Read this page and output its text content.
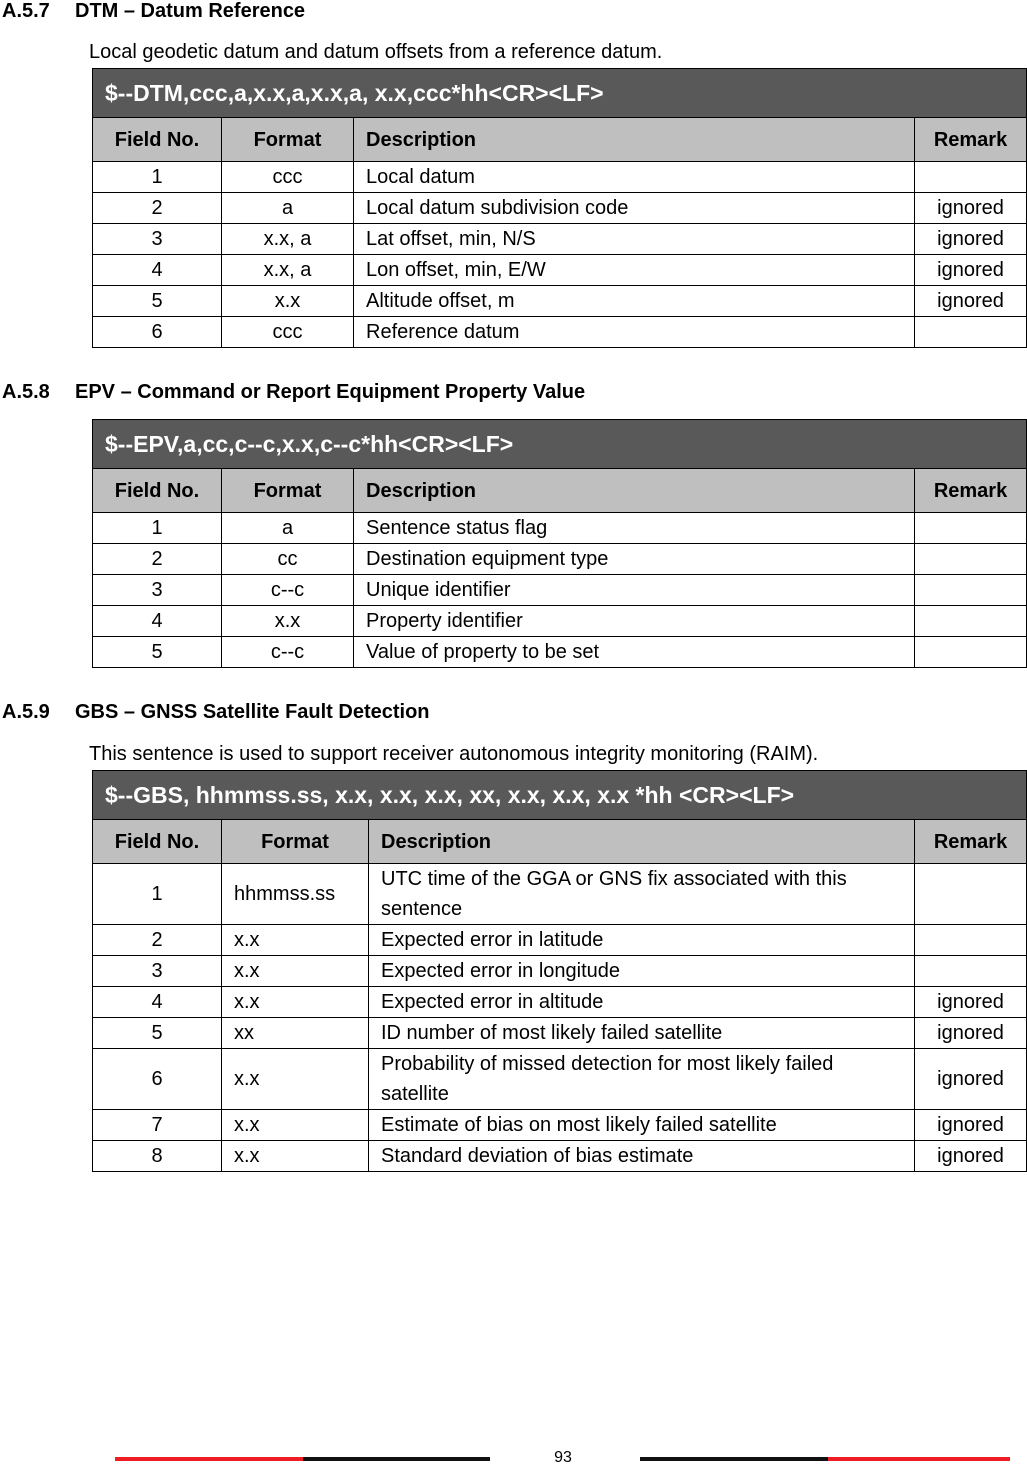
A.5.7 DTM – Datum Reference

Local geodetic datum and datum offsets from a reference datum.

$--DTM,ccc,a,x.x,a,x.x,a, x.x,ccc*hh<CR><LF>			
Field No.	Format	Description	Remark
1	ccc	Local datum	
2	a	Local datum subdivision code	ignored
3	x.x, a	Lat offset, min, N/S	ignored
4	x.x, a	Lon offset, min, E/W	ignored
5	x.x	Altitude offset, m	ignored
6	ccc	Reference datum	
A.5.8 EPV – Command or Report Equipment Property Value
$--EPV,a,cc,c--c,x.x,c--c*hh<CR><LF>			
Field No.	Format	Description	Remark
1	a	Sentence status flag	
2	cc	Destination equipment type	
3	c--c	Unique identifier	
4	x.x	Property identifier	
5	c--c	Value of property to be set	
A.5.9 GBS – GNSS Satellite Fault Detection

This sentence is used to support receiver autonomous integrity monitoring (RAIM).

$--GBS, hhmmss.ss, x.x, x.x, x.x, xx, x.x, x.x, x.x *hh <CR><LF>			
Field No.	Format	Description	Remark
1	hhmmss.ss	UTC time of the GGA or GNS fix associated with this sentence	
2	x.x	Expected error in latitude	
3	x.x	Expected error in longitude	
4	x.x	Expected error in altitude	ignored
5	xx	ID number of most likely failed satellite	ignored
6	x.x	Probability of missed detection for most likely failed satellite	ignored
7	x.x	Estimate of bias on most likely failed satellite	ignored
8	x.x	Standard deviation of bias estimate	ignored
93
